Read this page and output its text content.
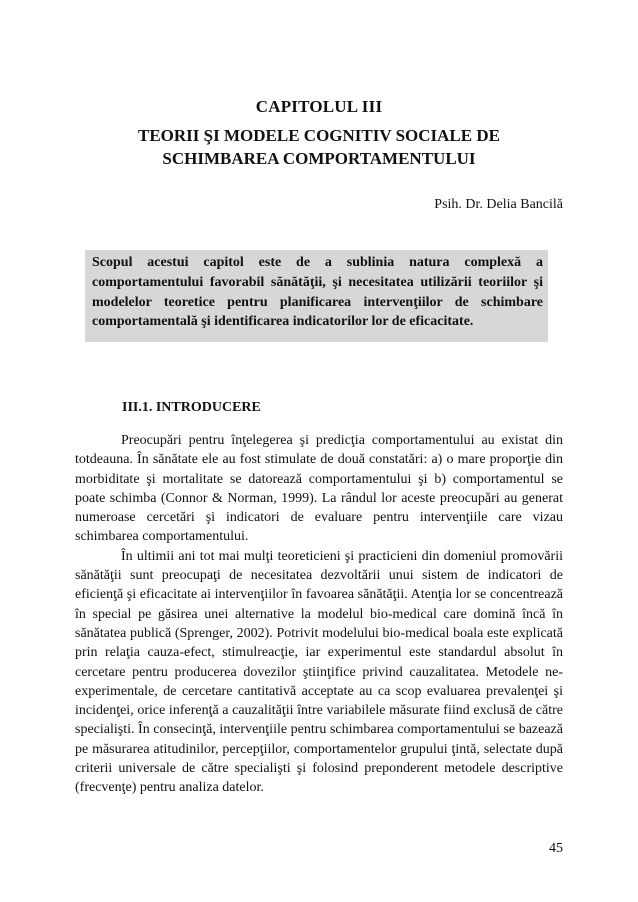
CAPITOLUL III
TEORII ŞI MODELE COGNITIV SOCIALE DE SCHIMBAREA COMPORTAMENTULUI
Psih. Dr. Delia Bancilă
Scopul acestui capitol este de a sublinia natura complexă a comportamentului favorabil sănătăţii, şi necesitatea utilizării teoriilor şi modelelor teoretice pentru planificarea intervenţiilor de schimbare comportamentală şi identificarea indicatorilor lor de eficacitate.
III.1. INTRODUCERE

Preocupări pentru înţelegerea şi predicţia comportamentului au existat din totdeauna. În sănătate ele au fost stimulate de două constatări: a) o mare proporţie din morbiditate şi mortalitate se datorează comportamentului şi b) comportamentul se poate schimba (Connor & Norman, 1999). La rândul lor aceste preocupări au generat numeroase cercetări şi indicatori de evaluare pentru intervenţiile care vizau schimbarea comportamentului.

În ultimii ani tot mai mulţi teoreticieni şi practicieni din domeniul promovării sănătăţii sunt preocupaţi de necesitatea dezvoltării unui sistem de indicatori de eficienţă şi eficacitate ai intervenţiilor în favoarea sănătăţii. Atenţia lor se concentrează în special pe găsirea unei alternative la modelul bio-medical care domină încă în sănătatea publică (Sprenger, 2002). Potrivit modelului bio-medical boala este explicată prin relaţia cauza-efect, stimulreacţie, iar experimentul este standardul absolut în cercetare pentru producerea dovezilor ştiinţifice privind cauzalitatea. Metodele ne-experimentale, de cercetare cantitativă acceptate au ca scop evaluarea prevalenţei şi incidenţei, orice inferenţă a cauzalităţii între variabilele măsurate fiind exclusă de către specialişti. În consecinţă, intervenţiile pentru schimbarea comportamentului se bazează pe măsurarea atitudinilor, percepţiilor, comportamentelor grupului ţintă, selectate după criterii universale de către specialişti şi folosind preponderent metodele descriptive (frecvenţe) pentru analiza datelor.

45
